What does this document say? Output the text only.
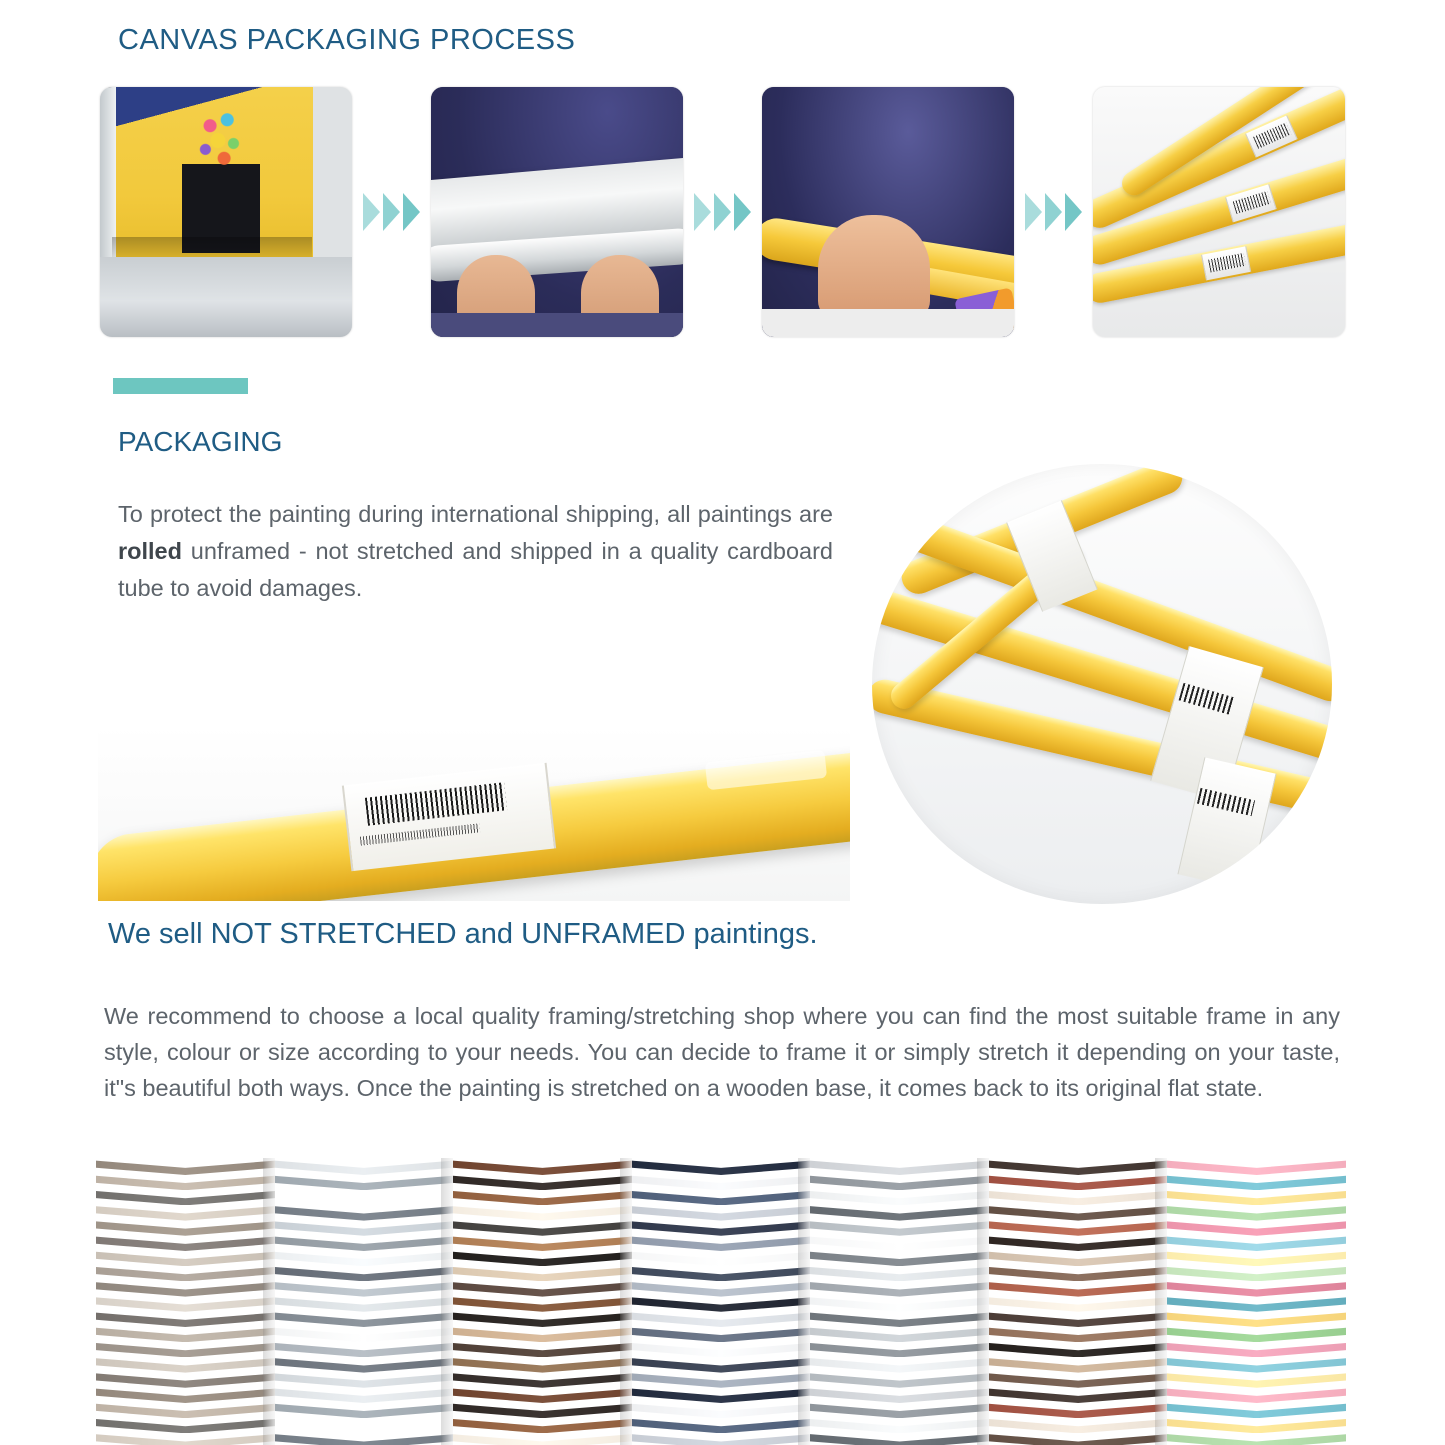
CANVAS PACKAGING PROCESS
PACKAGING

To protect the painting during international shipping, all paintings are rolled unframed - not stretched and shipped in a quality cardboard tube to avoid damages.

We sell NOT STRETCHED and UNFRAMED paintings.

We recommend to choose a local quality framing/stretching shop where you can find the most suitable frame in any style, colour or size according to your needs. You can decide to frame it or simply stretch it depending on your taste, it"s beautiful both ways. Once the painting is stretched on a wooden base, it comes back to its original flat state.
